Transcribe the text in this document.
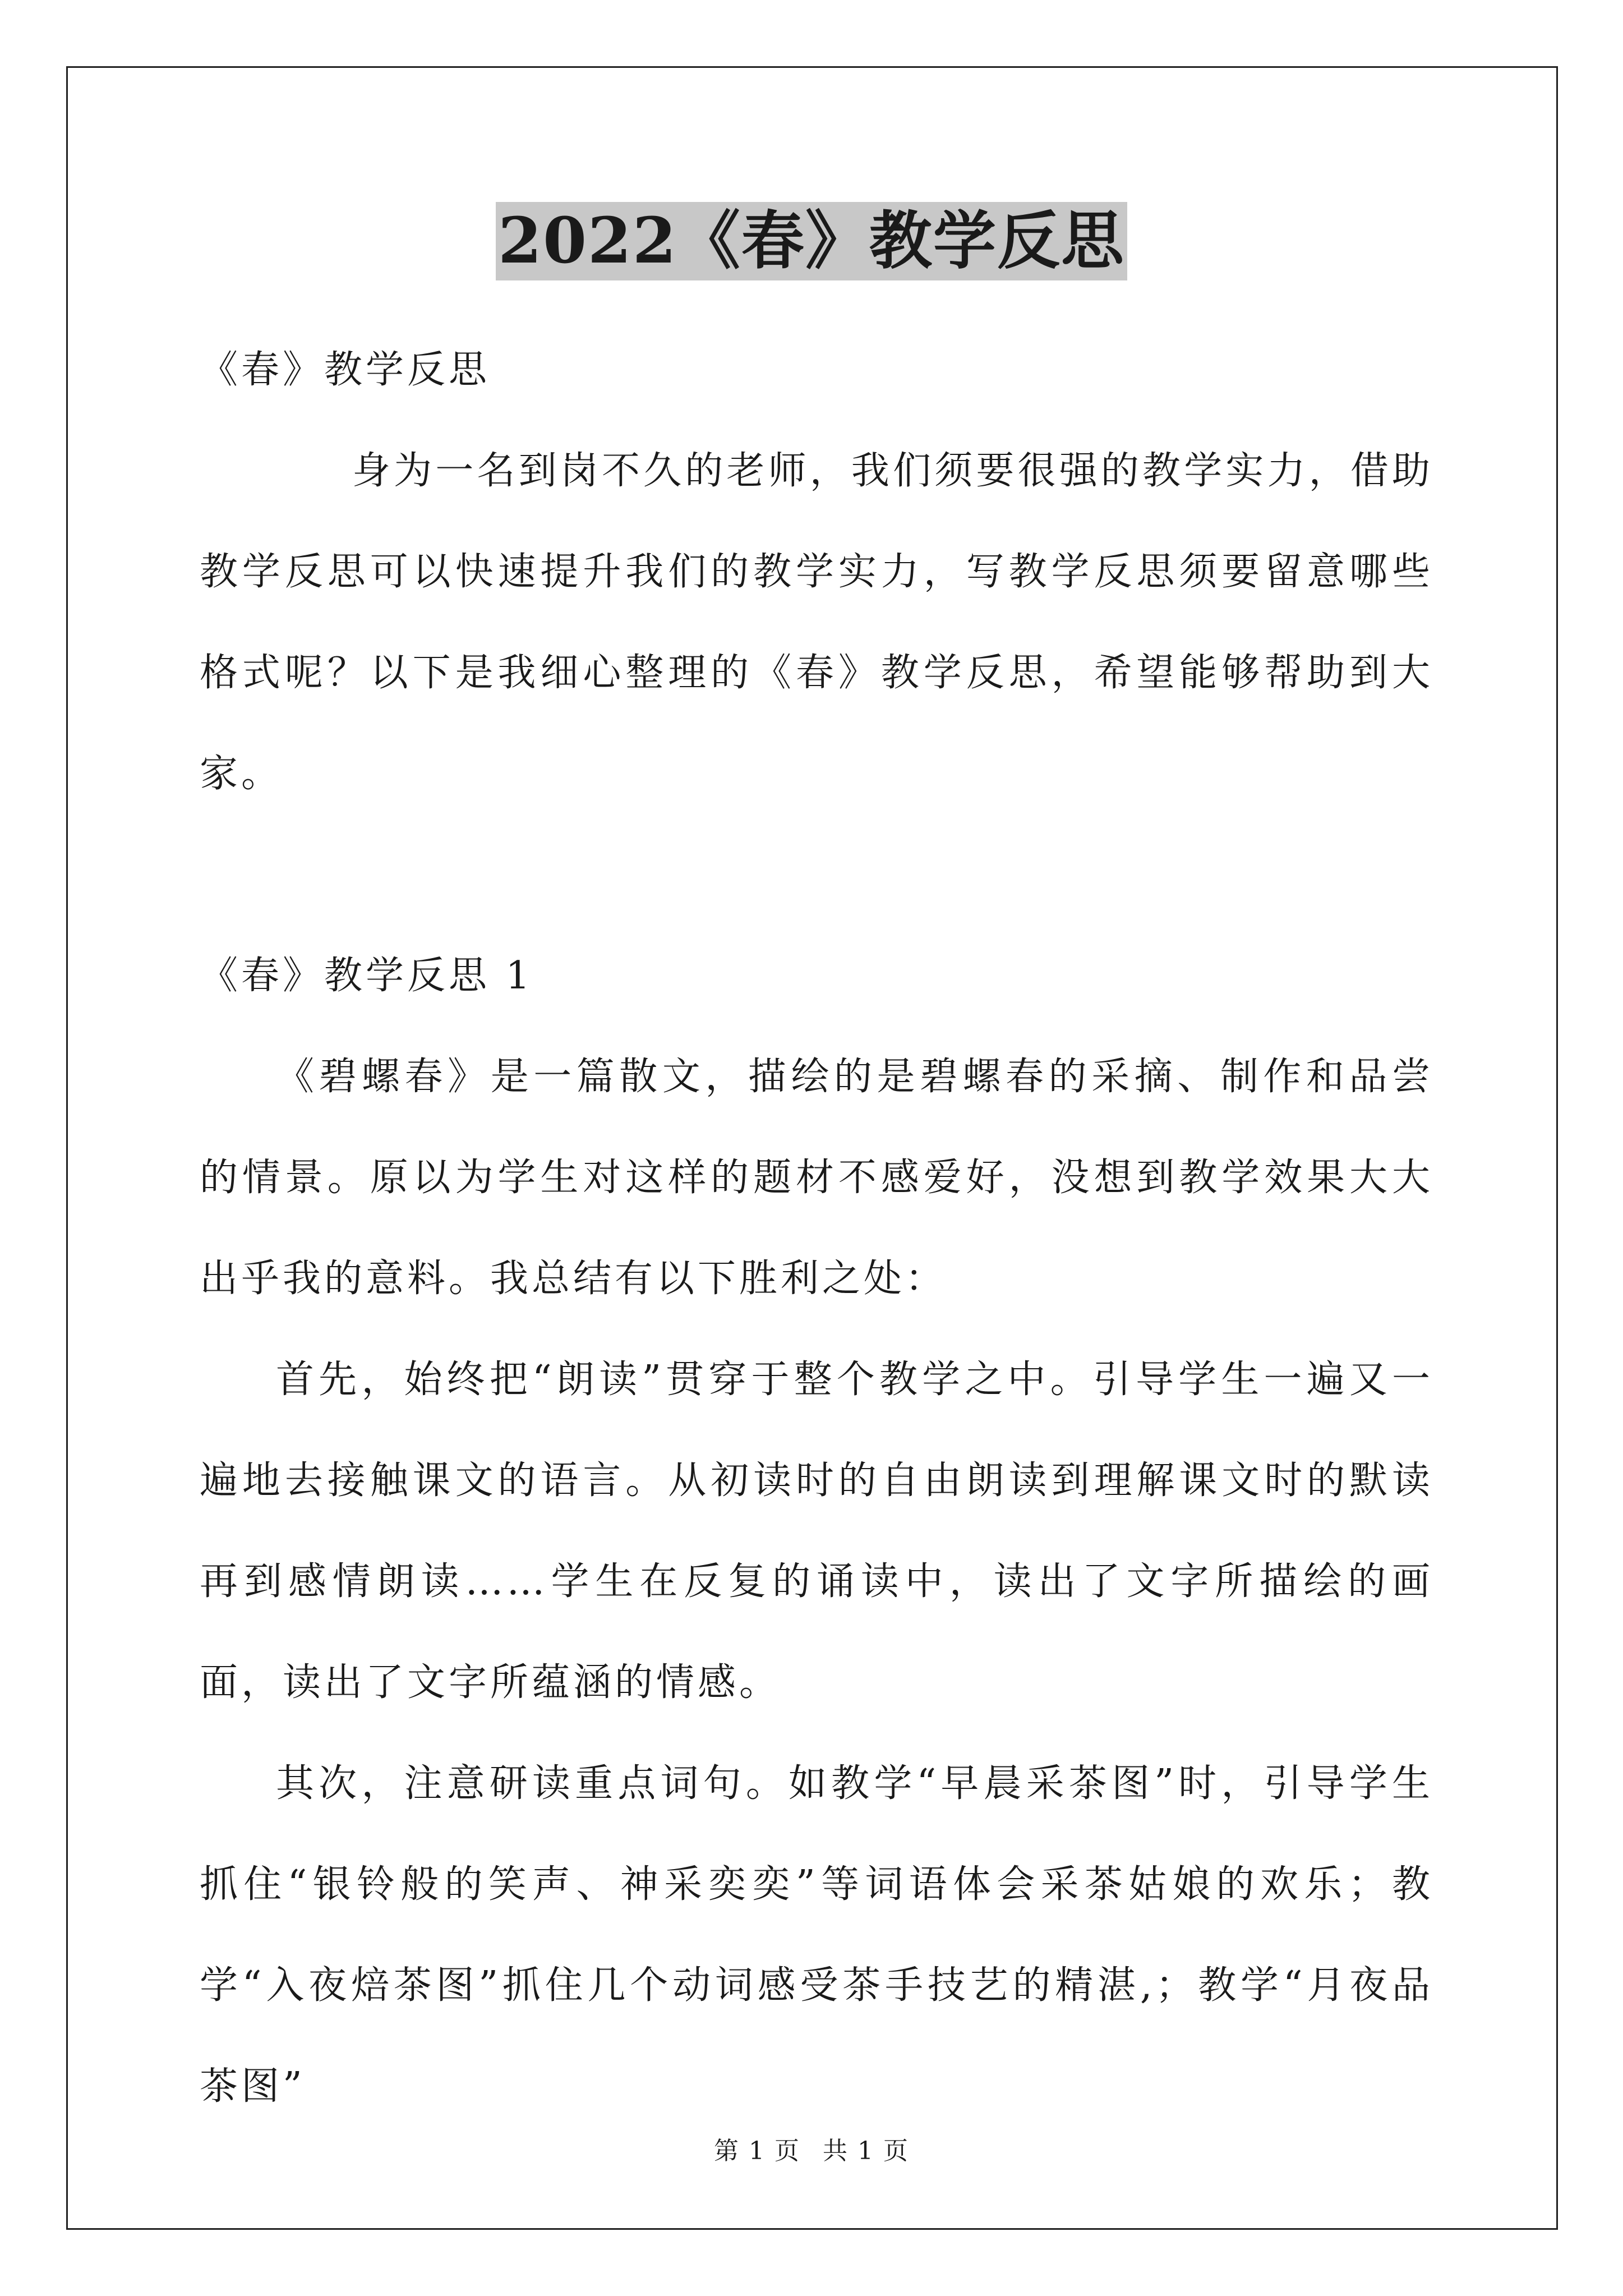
2022《春》教学反思

《春》教学反思

身为一名到岗不久的老师，我们须要很强的教学实力，借助教学反思可以快速提升我们的教学实力，写教学反思须要留意哪些格式呢？以下是我细心整理的《春》教学反思，希望能够帮助到大家。

《春》教学反思 1

《碧螺春》是一篇散文，描绘的是碧螺春的采摘、制作和品尝的情景。原以为学生对这样的题材不感爱好，没想到教学效果大大出乎我的意料。我总结有以下胜利之处：

首先，始终把“朗读”贯穿于整个教学之中。引导学生一遍又一遍地去接触课文的语言。从初读时的自由朗读到理解课文时的默读再到感情朗读……学生在反复的诵读中，读出了文字所描绘的画面，读出了文字所蕴涵的情感。

其次，注意研读重点词句。如教学“早晨采茶图”时，引导学生抓住“银铃般的笑声、神采奕奕”等词语体会采茶姑娘的欢乐；教学“入夜焙茶图”抓住几个动词感受茶手技艺的精湛,；教学“月夜品茶图”

第 1 页 共 1 页
